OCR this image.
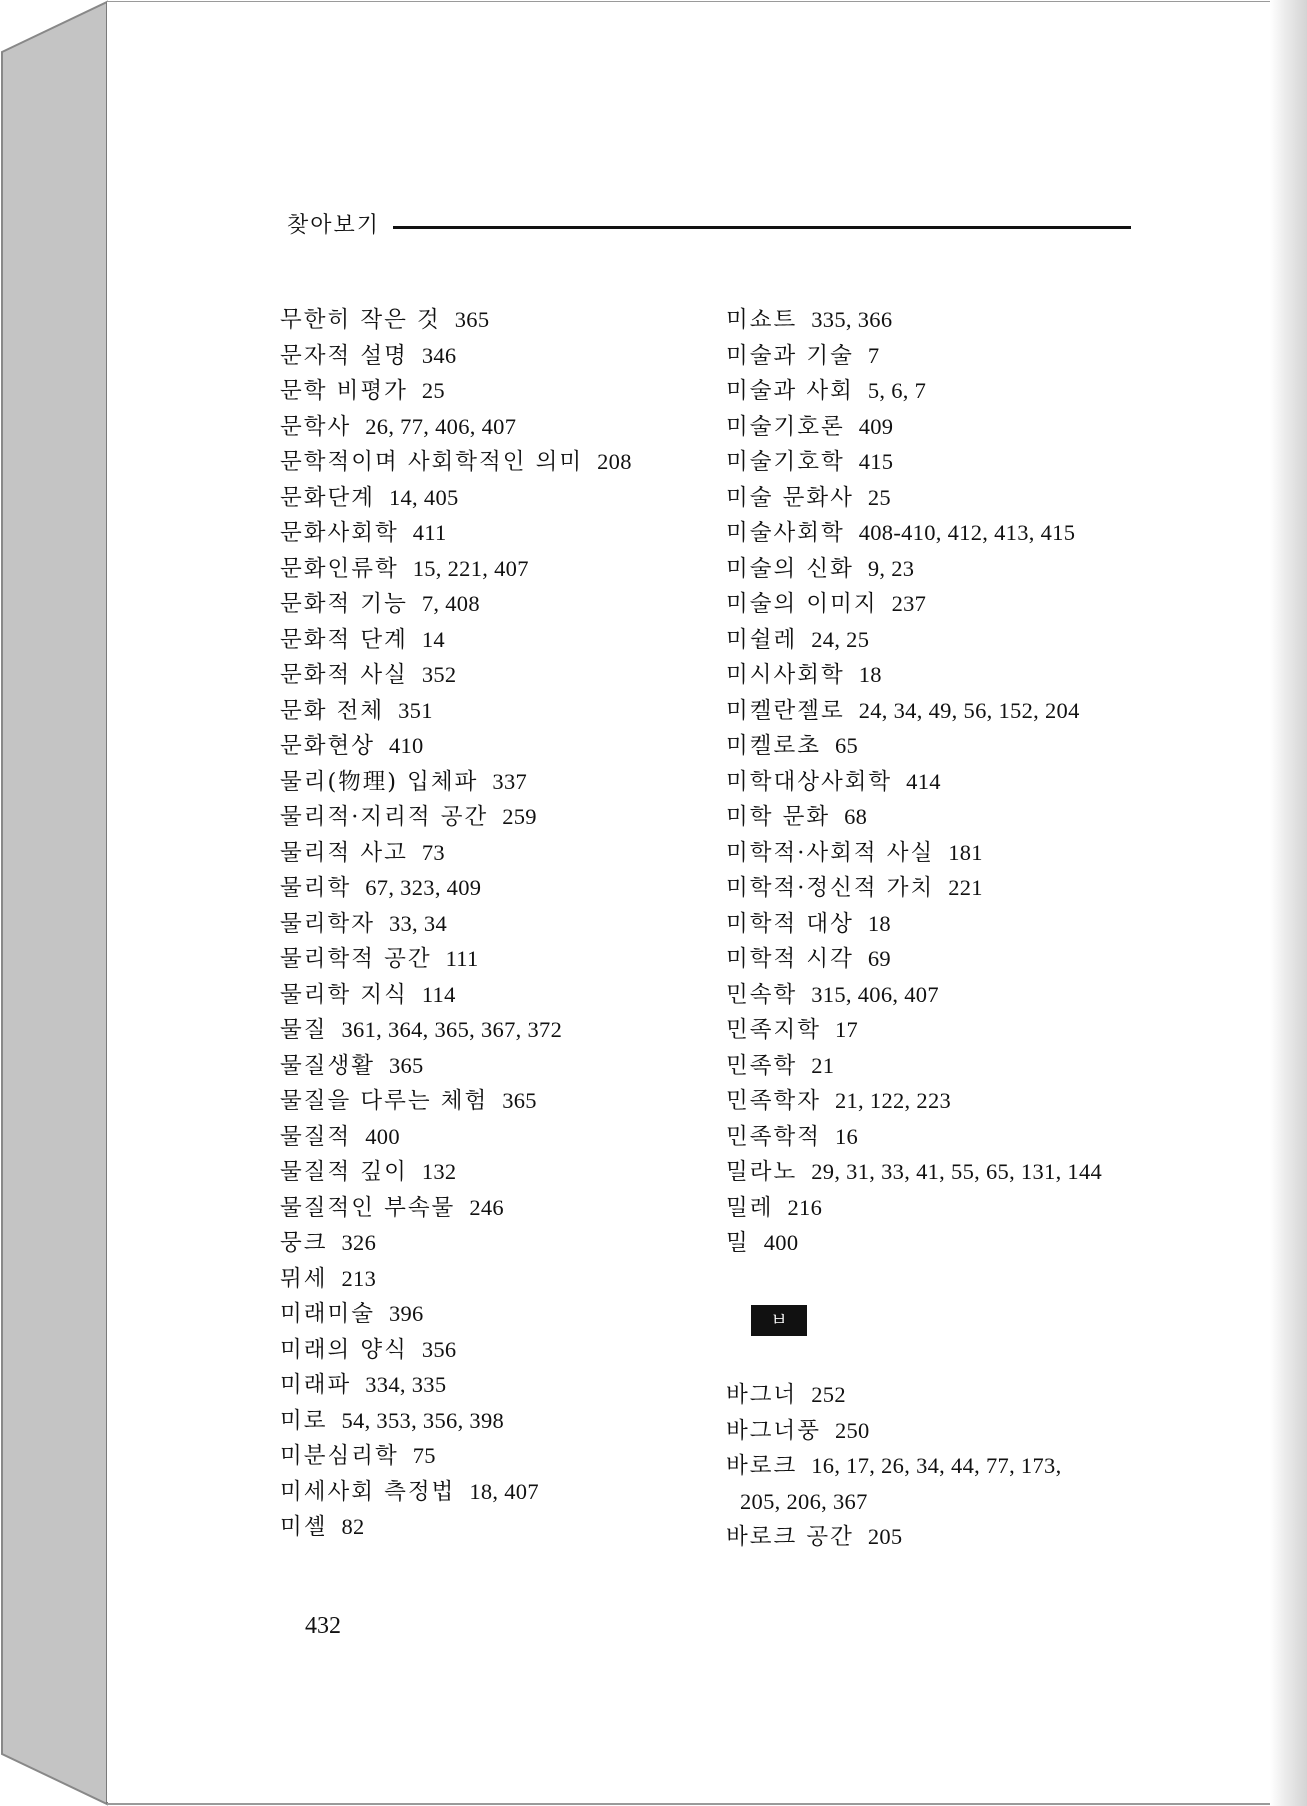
찾아보기
무한히 작은 것 365
문자적 설명 346
문학 비평가 25
문학사 26, 77, 406, 407
문학적이며 사회학적인 의미 208
문화단계 14, 405
문화사회학 411
문화인류학 15, 221, 407
문화적 기능 7, 408
문화적 단계 14
문화적 사실 352
문화 전체 351
문화현상 410
물리(物理) 입체파 337
물리적·지리적 공간 259
물리적 사고 73
물리학 67, 323, 409
물리학자 33, 34
물리학적 공간 111
물리학 지식 114
물질 361, 364, 365, 367, 372
물질생활 365
물질을 다루는 체험 365
물질적 400
물질적 깊이 132
물질적인 부속물 246
뭉크 326
뮈세 213
미래미술 396
미래의 양식 356
미래파 334, 335
미로 54, 353, 356, 398
미분심리학 75
미세사회 측정법 18, 407
미셸 82
미쇼트 335, 366
미술과 기술 7
미술과 사회 5, 6, 7
미술기호론 409
미술기호학 415
미술 문화사 25
미술사회학 408-410, 412, 413, 415
미술의 신화 9, 23
미술의 이미지 237
미쉴레 24, 25
미시사회학 18
미켈란젤로 24, 34, 49, 56, 152, 204
미켈로초 65
미학대상사회학 414
미학 문화 68
미학적·사회적 사실 181
미학적·정신적 가치 221
미학적 대상 18
미학적 시각 69
민속학 315, 406, 407
민족지학 17
민족학 21
민족학자 21, 122, 223
민족학적 16
밀라노 29, 31, 33, 41, 55, 65, 131, 144
밀레 216
밀 400
ㅂ
바그너 252
바그너풍 250
바로크 16, 17, 26, 34, 44, 77, 173,
205, 206, 367
바로크 공간 205
432
